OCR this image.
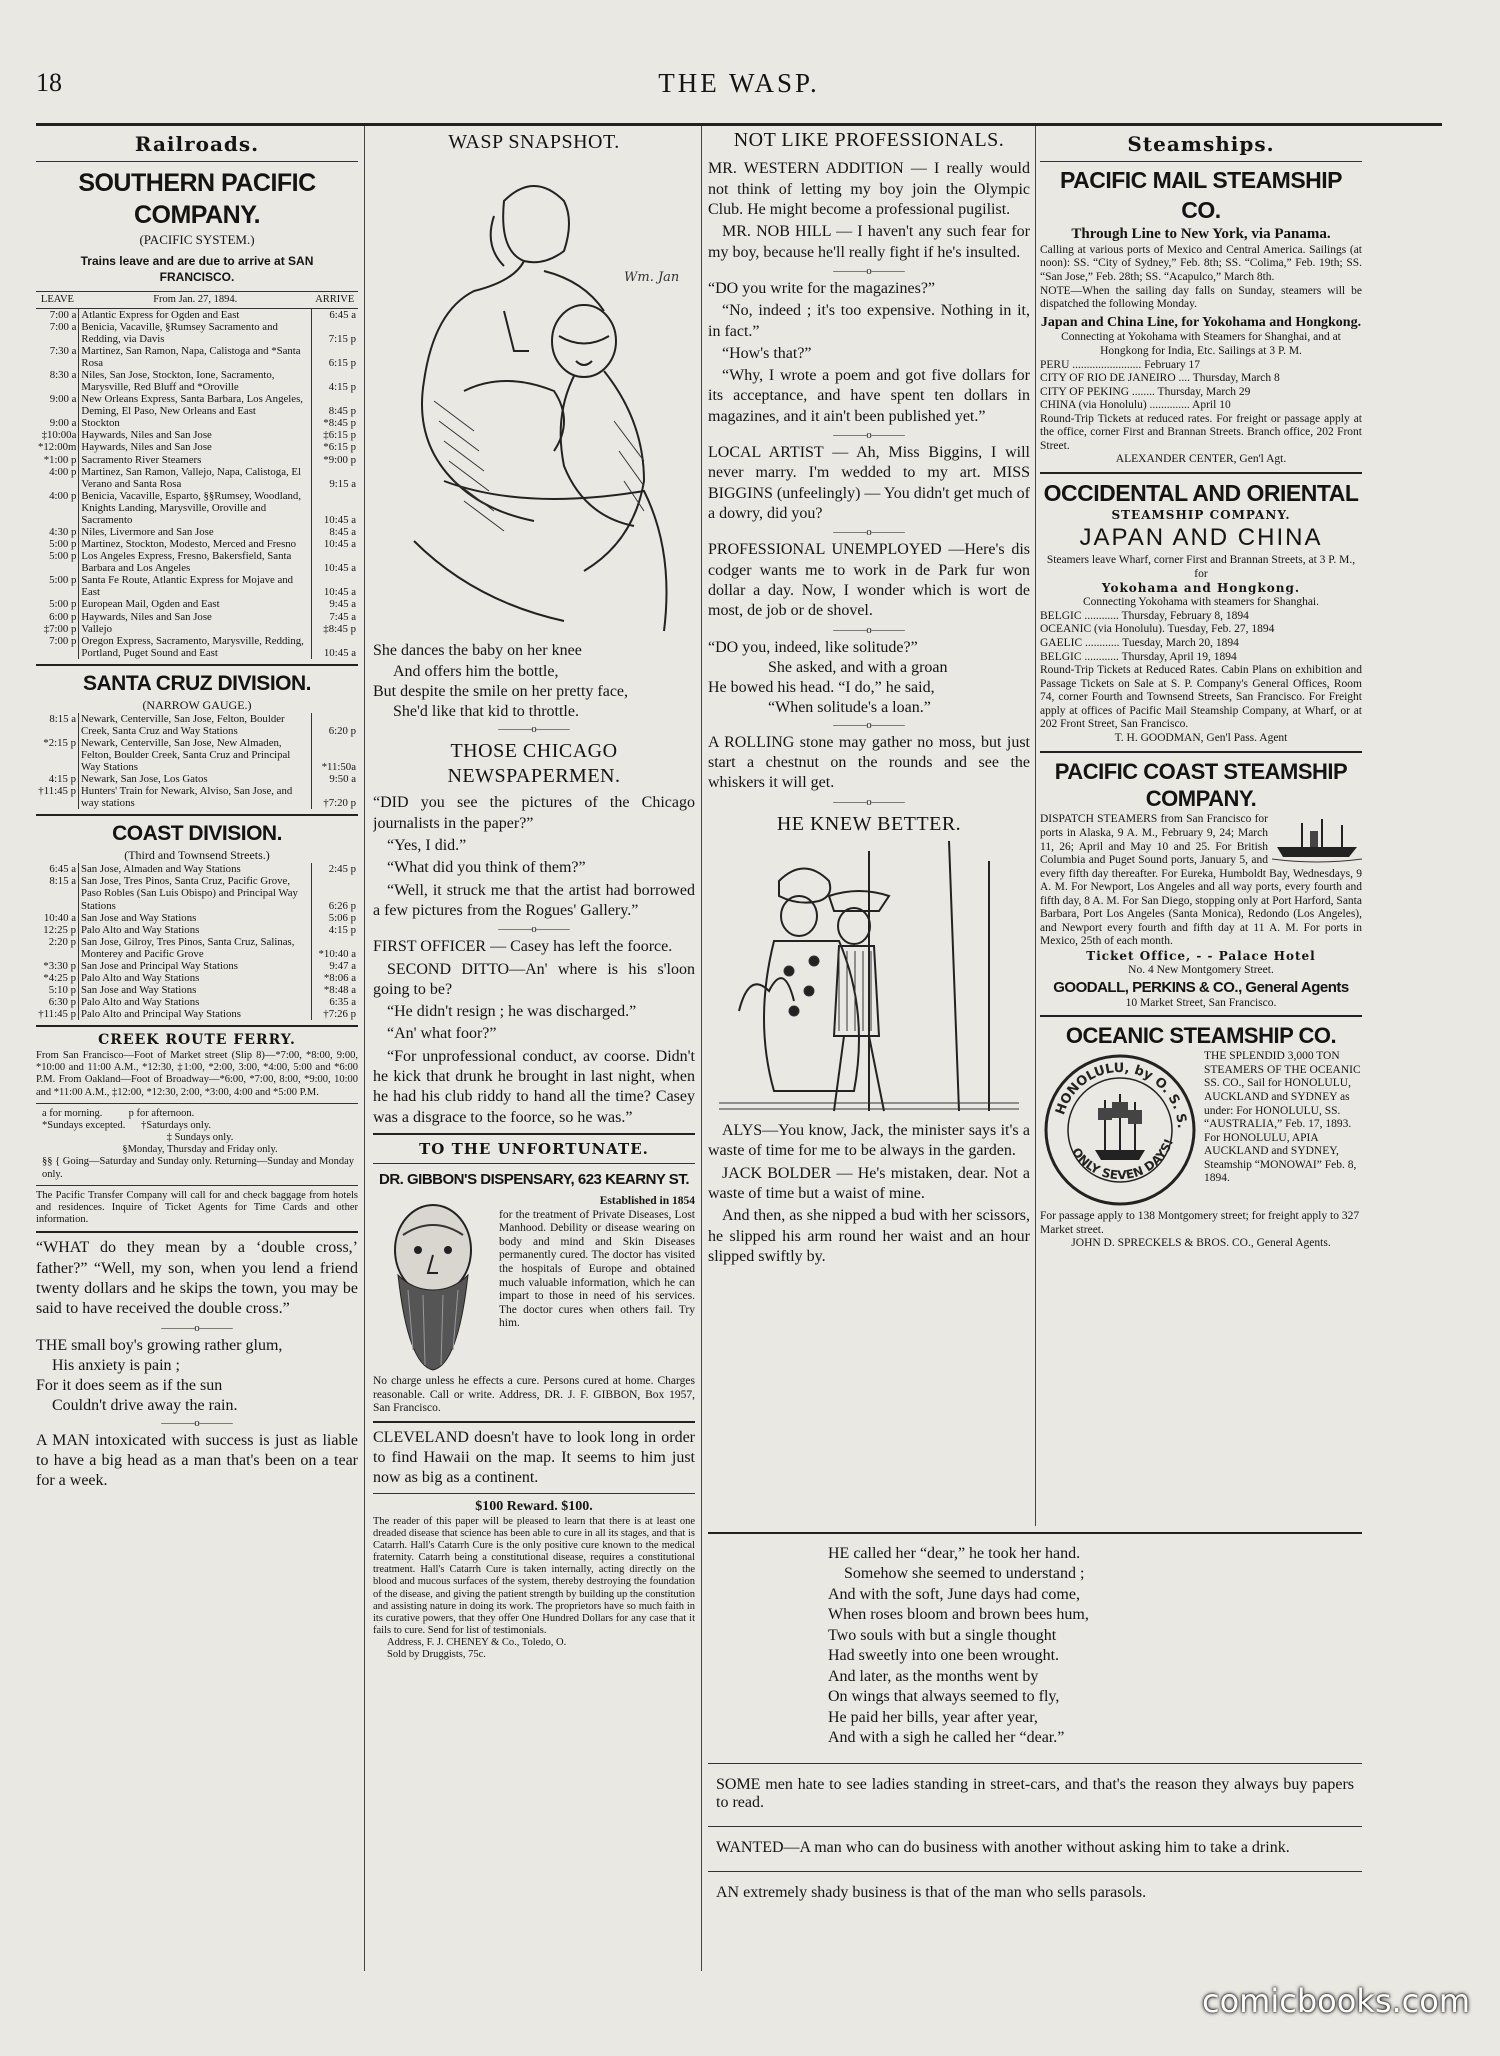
18	THE WASP.
Railroads.
SOUTHERN PACIFIC COMPANY.
(PACIFIC SYSTEM.)
Trains leave and are due to arrive at SAN FRANCISCO.
LEAVE	From Jan. 27, 1894.	ARRIVE
7:00 a	Atlantic Express for Ogden and East	6:45 a
7:00 a	Benicia, Vacaville, §Rumsey Sacramento and Redding, via Davis	7:15 p
7:30 a	Martinez, San Ramon, Napa, Calistoga and *Santa Rosa	6:15 p
8:30 a	Niles, San Jose, Stockton, Ione, Sacramento, Marysville, Red Bluff and *Oroville	4:15 p
9:00 a	New Orleans Express, Santa Barbara, Los Angeles, Deming, El Paso, New Orleans and East	8:45 p
9:00 a	Stockton	*8:45 p
‡10:00a	Haywards, Niles and San Jose	‡6:15 p
*12:00m	Haywards, Niles and San Jose	*6:15 p
*1:00 p	Sacramento River Steamers	*9:00 p
4:00 p	Martinez, San Ramon, Vallejo, Napa, Calistoga, El Verano and Santa Rosa	9:15 a
4:00 p	Benicia, Vacaville, Esparto, §§Rumsey, Woodland, Knights Landing, Marysville, Oroville and Sacramento	10:45 a
4:30 p	Niles, Livermore and San Jose	8:45 a
5:00 p	Martinez, Stockton, Modesto, Merced and Fresno	10:45 a
5:00 p	Los Angeles Express, Fresno, Bakersfield, Santa Barbara and Los Angeles	10:45 a
5:00 p	Santa Fe Route, Atlantic Express for Mojave and East	10:45 a
5:00 p	European Mail, Ogden and East	9:45 a
6:00 p	Haywards, Niles and San Jose	7:45 a
‡7:00 p	Vallejo	‡8:45 p
7:00 p	Oregon Express, Sacramento, Marysville, Redding, Portland, Puget Sound and East	10:45 a
SANTA CRUZ DIVISION.
(NARROW GAUGE.)
8:15 a	Newark, Centerville, San Jose, Felton, Boulder Creek, Santa Cruz and Way Stations	6:20 p
*2:15 p	Newark, Centerville, San Jose, New Almaden, Felton, Boulder Creek, Santa Cruz and Principal Way Stations	*11:50a
4:15 p	Newark, San Jose, Los Gatos	9:50 a
†11:45 p	Hunters' Train for Newark, Alviso, San Jose, and way stations	†7:20 p
COAST DIVISION.
(Third and Townsend Streets.)
6:45 a	San Jose, Almaden and Way Stations	2:45 p
8:15 a	San Jose, Tres Pinos, Santa Cruz, Pacific Grove, Paso Robles (San Luis Obispo) and Principal Way Stations	6:26 p
10:40 a	San Jose and Way Stations	5:06 p
12:25 p	Palo Alto and Way Stations	4:15 p
2:20 p	San Jose, Gilroy, Tres Pinos, Santa Cruz, Salinas, Monterey and Pacific Grove	*10:40 a
*3:30 p	San Jose and Principal Way Stations	9:47 a
*4:25 p	Palo Alto and Way Stations	*8:06 a
5:10 p	San Jose and Way Stations	*8:48 a
6:30 p	Palo Alto and Way Stations	6:35 a
†11:45 p	Palo Alto and Principal Way Stations	†7:26 p
CREEK ROUTE FERRY.
From San Francisco—Foot of Market street (Slip 8)—*7:00, *8:00, 9:00, *10:00 and 11:00 A.M., *12:30, ‡1:00, *2:00, 3:00, *4:00, 5:00 and *6:00 P.M. From Oakland—Foot of Broadway—*6:00, *7:00, 8:00, *9:00, 10:00 and *11:00 A.M., ‡12:00, *12:30, 2:00, *3:00, 4:00 and *5:00 P.M.
a for morning.          p for afternoon.
*Sundays excepted.      †Saturdays only.
‡ Sundays only.
§Monday, Thursday and Friday only.
§§ { Going—Saturday and Sunday only. Returning—Sunday and Monday only.
The Pacific Transfer Company will call for and check baggage from hotels and residences. Inquire of Ticket Agents for Time Cards and other information.

“WHAT do they mean by a ‘double cross,’ father?” “Well, my son, when you lend a friend twenty dollars and he skips the town, you may be said to have received the double cross.”

———o———
THE small boy's growing rather glum,
His anxiety is pain ;
For it does seem as if the sun
Couldn't drive away the rain.
———o———

A MAN intoxicated with success is just as liable to have a big head as a man that's been on a tear for a week.

WASP SNAPSHOT.
Wm. Jan
She dances the baby on her knee
And offers him the bottle,
But despite the smile on her pretty face,
She'd like that kid to throttle.
———o———
THOSE CHICAGO NEWSPAPERMEN.

“DID you see the pictures of the Chicago journalists in the paper?”

“Yes, I did.”

“What did you think of them?”

“Well, it struck me that the artist had borrowed a few pictures from the Rogues' Gallery.”

———o———

FIRST OFFICER — Casey has left the foorce.

SECOND DITTO—An' where is his s'loon going to be?

“He didn't resign ; he was discharged.”

“An' what foor?”

“For unprofessional conduct, av coorse. Didn't he kick that drunk he brought in last night, when he had his club riddy to hand all the time? Casey was a disgrace to the foorce, so he was.”

TO THE UNFORTUNATE.
DR. GIBBON'S DISPENSARY, 623 KEARNY ST.
Established in 1854
for the treatment of Private Diseases, Lost Manhood. Debility or disease wearing on body and mind and Skin Diseases permanently cured. The doctor has visited the hospitals of Europe and obtained much valuable information, which he can impart to those in need of his services. The doctor cures when others fail. Try him.
No charge unless he effects a cure. Persons cured at home. Charges reasonable. Call or write. Address, DR. J. F. GIBBON, Box 1957, San Francisco.

CLEVELAND doesn't have to look long in order to find Hawaii on the map. It seems to him just now as big as a continent.

$100 Reward. $100.
The reader of this paper will be pleased to learn that there is at least one dreaded disease that science has been able to cure in all its stages, and that is Catarrh. Hall's Catarrh Cure is the only positive cure known to the medical fraternity. Catarrh being a constitutional disease, requires a constitutional treatment. Hall's Catarrh Cure is taken internally, acting directly on the blood and mucous surfaces of the system, thereby destroying the foundation of the disease, and giving the patient strength by building up the constitution and assisting nature in doing its work. The proprietors have so much faith in its curative powers, that they offer One Hundred Dollars for any case that it fails to cure. Send for list of testimonials.
Address, F. J. CHENEY & Co., Toledo, O.
Sold by Druggists, 75c.
NOT LIKE PROFESSIONALS.

MR. WESTERN ADDITION — I really would not think of letting my boy join the Olympic Club. He might become a professional pugilist.

MR. NOB HILL — I haven't any such fear for my boy, because he'll really fight if he's insulted.

———o———

“DO you write for the magazines?”

“No, indeed ; it's too expensive. Nothing in it, in fact.”

“How's that?”

“Why, I wrote a poem and got five dollars for its acceptance, and have spent ten dollars in magazines, and it ain't been published yet.”

———o———

LOCAL ARTIST — Ah, Miss Biggins, I will never marry. I'm wedded to my art. MISS BIGGINS (unfeelingly) — You didn't get much of a dowry, did you?

———o———

PROFESSIONAL UNEMPLOYED —Here's dis codger wants me to work in de Park fur won dollar a day. Now, I wonder which is wort de most, de job or de shovel.

———o———
“DO you, indeed, like solitude?”
She asked, and with a groan
He bowed his head. “I do,” he said,
“When solitude's a loan.”
———o———

A ROLLING stone may gather no moss, but just start a chestnut on the rounds and see the whiskers it will get.

———o———
HE KNEW BETTER.

ALYS—You know, Jack, the minister says it's a waste of time for me to be always in the garden.

JACK BOLDER — He's mistaken, dear. Not a waste of time but a waist of mine.

And then, as she nipped a bud with her scissors, he slipped his arm round her waist and an hour slipped swiftly by.

Steamships.
PACIFIC MAIL STEAMSHIP CO.
Through Line to New York, via Panama.
Calling at various ports of Mexico and Central America. Sailings (at noon): SS. “City of Sydney,” Feb. 8th; SS. “Colima,” Feb. 19th; SS. “San Jose,” Feb. 28th; SS. “Acapulco,” March 8th.
NOTE—When the sailing day falls on Sunday, steamers will be dispatched the following Monday.
Japan and China Line, for Yokohama and Hongkong.
Connecting at Yokohama with Steamers for Shanghai, and at Hongkong for India, Etc. Sailings at 3 P. M.
PERU ........................ February 17
CITY OF RIO DE JANEIRO .... Thursday, March 8
CITY OF PEKING ........ Thursday, March 29
CHINA (via Honolulu) .............. April 10
Round-Trip Tickets at reduced rates. For freight or passage apply at the office, corner First and Brannan Streets. Branch office, 202 Front Street.
ALEXANDER CENTER, Gen'l Agt.
OCCIDENTAL AND ORIENTAL
STEAMSHIP COMPANY.
JAPAN AND CHINA
Steamers leave Wharf, corner First and Brannan Streets, at 3 P. M., for
Yokohama and Hongkong.
Connecting Yokohama with steamers for Shanghai.
BELGIC ............ Thursday, February 8, 1894
OCEANIC (via Honolulu). Tuesday, Feb. 27, 1894
GAELIC ............ Tuesday, March 20, 1894
BELGIC ............ Thursday, April 19, 1894
Round-Trip Tickets at Reduced Rates. Cabin Plans on exhibition and Passage Tickets on Sale at S. P. Company's General Offices, Room 74, corner Fourth and Townsend Streets, San Francisco. For Freight apply at offices of Pacific Mail Steamship Company, at Wharf, or at 202 Front Street, San Francisco.
T. H. GOODMAN, Gen'l Pass. Agent
PACIFIC COAST STEAMSHIP COMPANY.
DISPATCH STEAMERS from San Francisco for ports in Alaska, 9 A. M., February 9, 24; March 11, 26; April and May 10 and 25. For British Columbia and Puget Sound ports, January 5, and every fifth day thereafter. For Eureka, Humboldt Bay, Wednesdays, 9 A. M. For Newport, Los Angeles and all way ports, every fourth and fifth day, 8 A. M. For San Diego, stopping only at Port Harford, Santa Barbara, Port Los Angeles (Santa Monica), Redondo (Los Angeles), and Newport every fourth and fifth day at 11 A. M. For ports in Mexico, 25th of each month.
Ticket Office, - - Palace Hotel
No. 4 New Montgomery Street.
GOODALL, PERKINS & CO., General Agents
10 Market Street, San Francisco.
OCEANIC STEAMSHIP CO.
HONOLULU, by O. S. S.
ONLY SEVEN DAYS!
THE SPLENDID 3,000 TON STEAMERS OF THE OCEANIC SS. CO., Sail for HONOLULU, AUCKLAND and SYDNEY as under: For HONOLULU, SS. “AUSTRALIA,” Feb. 17, 1893. For HONOLULU, APIA AUCKLAND and SYDNEY, Steamship “MONOWAI” Feb. 8, 1894.
For passage apply to 138 Montgomery street; for freight apply to 327 Market street.
JOHN D. SPRECKELS & BROS. CO., General Agents.
HE called her “dear,” he took her hand.
Somehow she seemed to understand ;
And with the soft, June days had come,
When roses bloom and brown bees hum,
Two souls with but a single thought
Had sweetly into one been wrought.
And later, as the months went by
On wings that always seemed to fly,
He paid her bills, year after year,
And with a sigh he called her “dear.”

SOME men hate to see ladies standing in street-cars, and that's the reason they always buy papers to read.

WANTED—A man who can do business with another without asking him to take a drink.

AN extremely shady business is that of the man who sells parasols.

comicbooks.com
